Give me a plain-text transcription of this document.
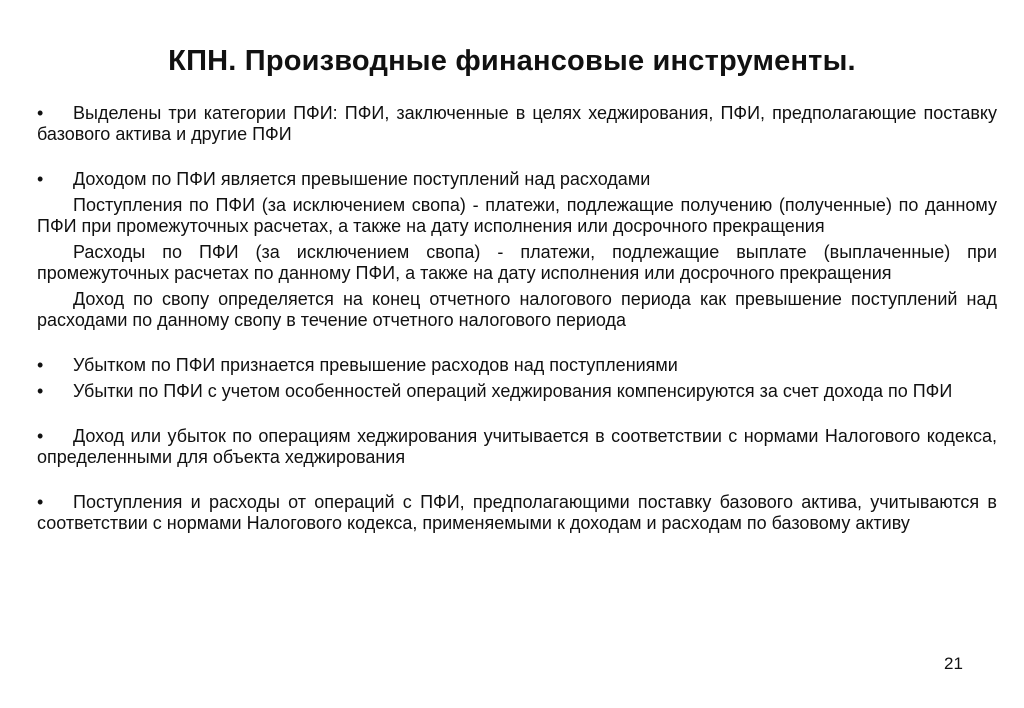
КПН. Производные финансовые инструменты.

• Выделены три категории ПФИ: ПФИ, заключенные в целях хеджирования, ПФИ, предполагающие поставку базового актива и другие ПФИ

• Доходом по ПФИ является превышение поступлений над расходами

Поступления по ПФИ (за исключением свопа) - платежи, подлежащие получению (полученные) по данному ПФИ при промежуточных расчетах, а также на дату исполнения или досрочного прекращения

Расходы по ПФИ (за исключением свопа) - платежи, подлежащие выплате (выплаченные) при промежуточных расчетах по данному ПФИ, а также на дату исполнения или досрочного прекращения

Доход по свопу определяется на конец отчетного налогового периода как превышение поступлений над расходами по данному свопу в течение отчетного налогового периода

• Убытком по ПФИ признается превышение расходов над поступлениями

• Убытки по ПФИ с учетом особенностей операций хеджирования компенсируются за счет дохода по ПФИ

• Доход или убыток по операциям хеджирования учитывается в соответствии с нормами Налогового кодекса, определенными для объекта хеджирования

• Поступления и расходы от операций с ПФИ, предполагающими поставку базового актива, учитываются в соответствии с нормами Налогового кодекса, применяемыми к доходам и расходам по базовому активу

21
